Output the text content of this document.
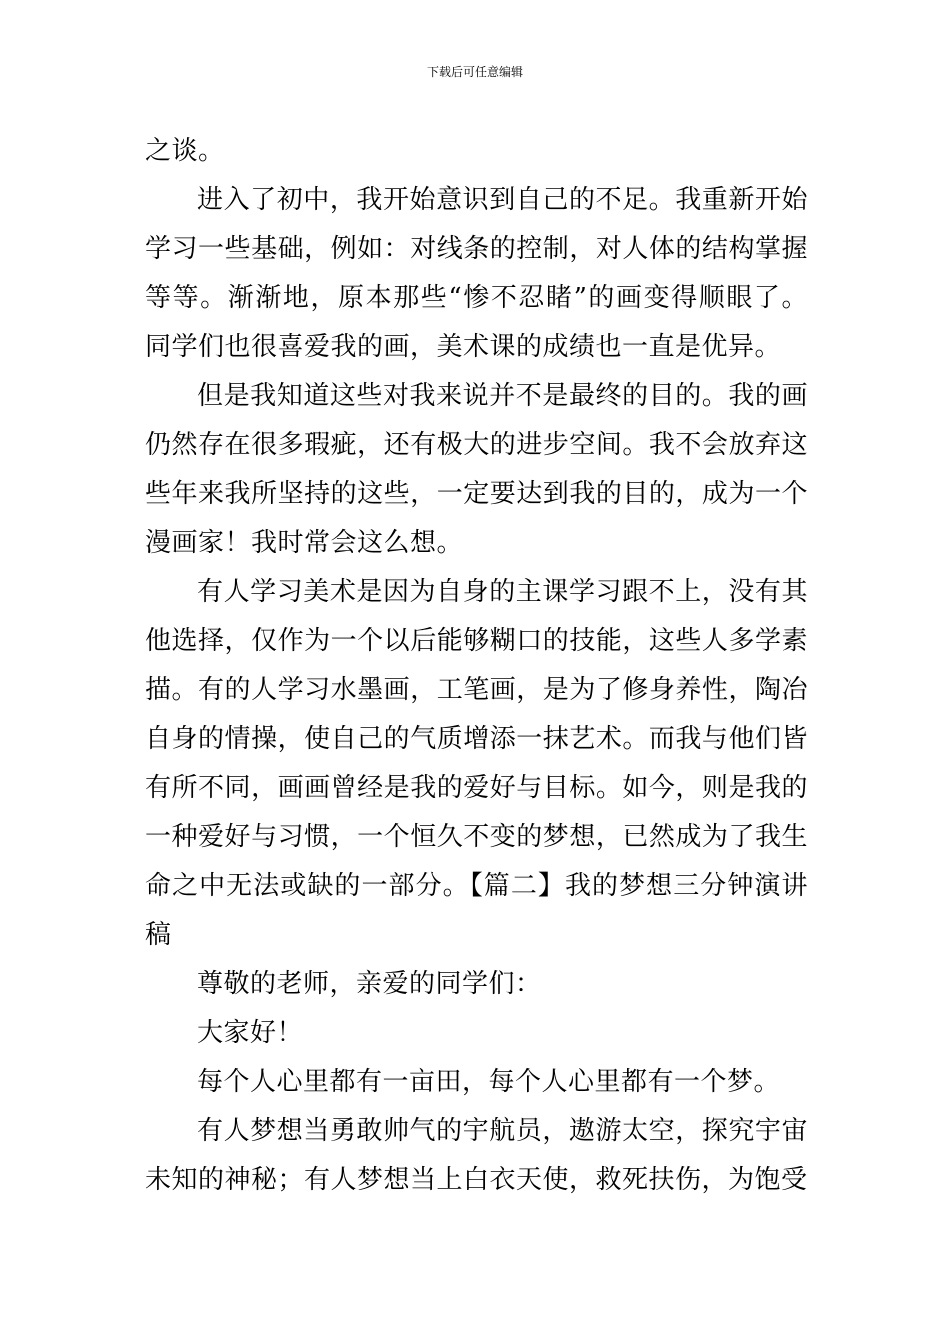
下载后可任意编辑

之谈。

进入了初中，我开始意识到自己的不足。我重新开始学习一些基础，例如：对线条的控制，对人体的结构掌握等等。渐渐地，原本那些“惨不忍睹”的画变得顺眼了。同学们也很喜爱我的画，美术课的成绩也一直是优异。

但是我知道这些对我来说并不是最终的目的。我的画仍然存在很多瑕疵，还有极大的进步空间。我不会放弃这些年来我所坚持的这些，一定要达到我的目的，成为一个漫画家！我时常会这么想。

有人学习美术是因为自身的主课学习跟不上，没有其他选择，仅作为一个以后能够糊口的技能，这些人多学素描。有的人学习水墨画，工笔画，是为了修身养性，陶冶自身的情操，使自己的气质增添一抹艺术。而我与他们皆有所不同，画画曾经是我的爱好与目标。如今，则是我的一种爱好与习惯，一个恒久不变的梦想，已然成为了我生命之中无法或缺的一部分。【篇二】我的梦想三分钟演讲稿

尊敬的老师，亲爱的同学们：

大家好！

每个人心里都有一亩田，每个人心里都有一个梦。

有人梦想当勇敢帅气的宇航员，遨游太空，探究宇宙未知的神秘；有人梦想当上白衣天使，救死扶伤，为饱受
